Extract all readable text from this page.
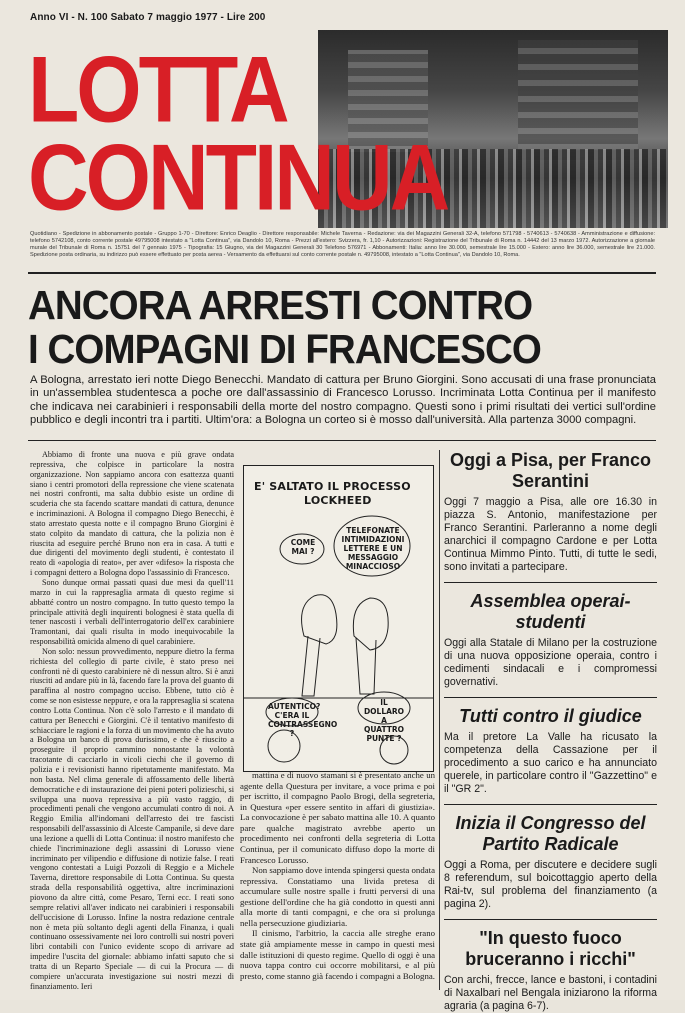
Anno VI - N. 100 Sabato 7 maggio 1977 - Lire 200
LOTTA
CONTINUA
Quotidiano - Spedizione in abbonamento postale - Gruppo 1-70 - Direttore: Enrico Deaglio - Direttore responsabile: Michele Taverna - Redazione: via dei Magazzini Generali 32-A, telefono 571798 - 5740613 - 5740638 - Amministrazione e diffusione: telefono 5742108, conto corrente postale 49795008 intestato a "Lotta Continua", via Dandolo 10, Roma - Prezzi all'estero: Svizzera, fr. 1,10 - Autorizzazioni: Registrazione del Tribunale di Roma n. 14442 del 13 marzo 1972. Autorizzazione a giornale murale del Tribunale di Roma n. 15751 del 7 gennaio 1975 - Tipografia: 15 Giugno, via dei Magazzini Generali 30 Telefono 576971 - Abbonamenti: Italia: anno lire 30.000, semestrale lire 15.000 - Estero: anno lire 36.000, semestrale lire 21.000. Spedizione posta ordinaria, su indirizzo può essere effettuato per posta aerea - Versamento da effettuarsi sul conto corrente postale n. 49795008, intestato a "Lotta Continua", via Dandolo 10, Roma.
ANCORA ARRESTI CONTRO
I COMPAGNI DI FRANCESCO
A Bologna, arrestato ieri notte Diego Benecchi. Mandato di cattura per Bruno Giorgini. Sono accusati di una frase pronunciata in un'assemblea studentesca a poche ore dall'assassinio di Francesco Lorusso. Incriminata Lotta Continua per il manifesto che indicava nei carabinieri i responsabili della morte del nostro compagno. Questi sono i primi risultati dei vertici sull'ordine pubblico e degli incontri tra i partiti. Ultim'ora: a Bologna un corteo si è mosso dall'università. Alla partenza 3000 compagni.

Abbiamo di fronte una nuova e più grave ondata repressiva, che colpisce in particolare la nostra organizzazione. Non sappiamo ancora con esattezza quanti siano i centri promotori della repressione che viene scatenata nei nostri confronti, ma salta dubbio esiste un ordine di scuderia che sta facendo scattare mandati di cattura, denunce e incriminazioni. A Bologna il compagno Diego Benecchi, è stato arrestato questa notte e il compagno Bruno Giorgini è stato colpito da mandato di cattura, che la polizia non è riuscita ad eseguire perché Bruno non era in casa. A tutti e due dirigenti del movimento degli studenti, è contestato il reato di «apologia di reato», per aver «difeso» la risposta che i compagni dettero a Bologna dopo l'assassinio di Francesco.

Sono dunque ormai passati quasi due mesi da quell'11 marzo in cui la rappresaglia armata di questo regime si abbatté contro un nostro compagno. In tutto questo tempo la principale attività degli inquirenti bolognesi è stata quella di tener nascosti i verbali dell'interrogatorio dell'ex carabiniere Tramontani, dai quali risulta in modo inequivocabile la responsabilità omicida almeno di quel carabiniere.

Non solo: nessun provvedimento, neppure dietro la ferma richiesta del collegio di parte civile, è stato preso nei confronti nè di questo carabiniere nè di nessun altro. Si è anzi riusciti ad andare più in là, facendo fare la prova del guanto di paraffina al nostro compagno ucciso. Ebbene, tutto ciò è come se non esistesse neppure, e ora la rappresaglia si scatena contro Lotta Continua. Non c'è solo l'arresto e il mandato di cattura per Benecchi e Giorgini. C'è il tentativo manifesto di schiacciare le ragioni e la forza di un movimento che ha avuto a Bologna un banco di prova durissimo, e che è riuscito a proseguire il proprio cammino nonostante la volontà tracotante di cacciarlo in vicoli ciechi che il governo di polizia e i revisionisti hanno ripetutamente manifestato. Ma non basta. Nel clima generale di affossamento delle libertà democratiche e di instaurazione dei pieni poteri polizieschi, si sviluppa una nuova repressiva a più vasto raggio, di procedimenti penali che vengono accumulati contro di noi. A Reggio Emilia all'indomani dell'arresto dei tre fascisti responsabili dell'assassinio di Alceste Campanile, si deve dare una lezione a quelli di Lotta Continua: il nostro manifesto che chiede l'incriminazione degli assassini di Lorusso viene incriminato per vilipendio e diffusione di notizie false. I reati vengono contestati a Luigi Pozzoli di Reggio e a Michele Taverna, direttore responsabile di Lotta Continua. Su questa strada della responsabilità oggettiva, altre incriminazioni piovono da altre città, come Pesaro, Terni ecc. I reati sono sempre relativi all'aver indicato nei carabinieri i responsabili dell'uccisione di Lorusso. Infine la nostra redazione centrale non è meta più soltanto degli agenti della Finanza, i quali continuano ossessivamente nei loro controlli sui nostri poveri libri contabili con l'unico evidente scopo di arrivare ad impedire l'uscita del giornale: abbiamo infatti saputo che si tratta di un Reparto Speciale — di cui la Procura — di compiere un'accurata investigazione sui nostri mezzi di finanziamento. Ieri

E' SALTATO IL PROCESSO
LOCKHEED
COME MAI ?
TELEFONATE INTIMIDAZIONI LETTERE E UN MESSAGGIO MINACCIOSO
AUTENTICO? C'ERA IL CONTRASSEGNO ?
IL DOLLARO A QUATTRO PUNTE ?

mattina e di nuovo stamani si è presentato anche un agente della Questura per invitare, a voce prima e poi per iscritto, il compagno Paolo Brogi, della segreteria, in Questura «per essere sentito in affari di giustizia». La convocazione è per sabato mattina alle 10. A quanto pare qualche magistrato avrebbe aperto un procedimento nei confronti della segreteria di Lotta Continua, per il comunicato diffuso dopo la morte di Francesco Lorusso.

Non sappiamo dove intenda spingersi questa ondata repressiva. Constatiamo una livida pretesa di accumulare sulle nostre spalle i frutti perversi di una gestione dell'ordine che ha già condotto in questi anni alla morte di tanti compagni, e che ora si prolunga nella persecuzione giudiziaria.

Il cinismo, l'arbitrio, la caccia alle streghe erano state già ampiamente messe in campo in questi mesi dalle istituzioni di questo regime. Quello di oggi è una nuova tappa contro cui occorre mobilitarsi, e al più presto, come stanno già facendo i compagni a Bologna.

Oggi a Pisa, per Franco Serantini

Oggi 7 maggio a Pisa, alle ore 16.30 in piazza S. Antonio, manifestazione per Franco Serantini. Parleranno a nome degli anarchici il compagno Cardone e per Lotta Continua Mimmo Pinto. Tutti, di tutte le sedi, sono invitati a partecipare.

Assemblea operai-studenti

Oggi alla Statale di Milano per la costruzione di una nuova opposizione operaia, contro i cedimenti sindacali e i compromessi governativi.

Tutti contro il giudice

Ma il pretore La Valle ha ricusato la competenza della Cassazione per il procedimento a suo carico e ha annunciato querele, in particolare contro il "Gazzettino" e il "GR 2".

Inizia il Congresso del Partito Radicale

Oggi a Roma, per discutere e decidere sugli 8 referendum, sul boicottaggio aperto della Rai-tv, sul problema del finanziamento (a pagina 2).

"In questo fuoco bruceranno i ricchi"

Con archi, frecce, lance e bastoni, i contadini di Naxalbari nel Bengala iniziarono la riforma agraria (a pagina 6-7).
